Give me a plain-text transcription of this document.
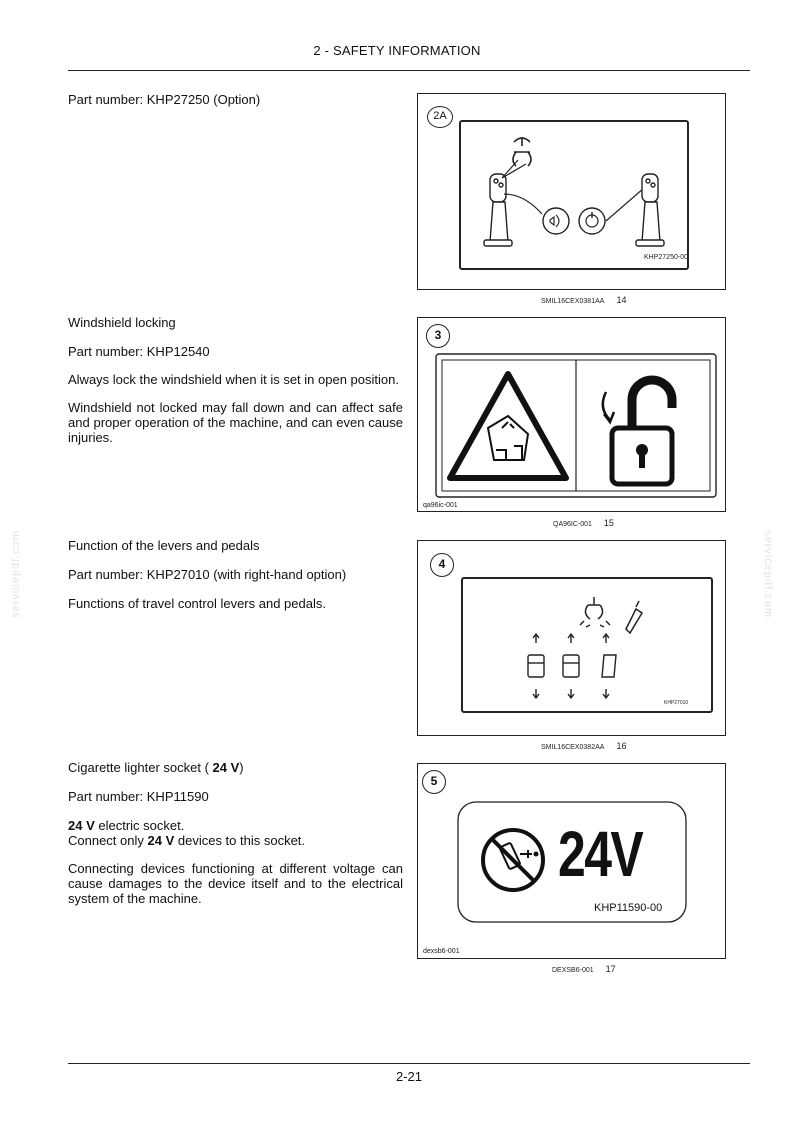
2 - SAFETY INFORMATION
servicepdf.com	servicepdf.com
Part number: KHP27250 (Option)
2A
KHP27250-00
SMIL16CEX0381AA 14
Windshield locking
Part number: KHP12540
Always lock the windshield when it is set in open position.
Windshield not locked may fall down and can affect safe and proper operation of the machine, and can even cause injuries.
3
qa96ic-001
QA96IC-001 15
Function of the levers and pedals
Part number: KHP27010 (with right-hand option)
Functions of travel control levers and pedals.
4
KHP27010
SMIL16CEX0382AA 16
Cigarette lighter socket ( 24 V)
Part number: KHP11590
24 V electric socket.
Connect only 24 V devices to this socket.
Connecting devices functioning at different voltage can cause damages to the device itself and to the electrical system of the machine.
5
24V
KHP11590-00
dexsb6-001
DEXSB6-001 17
2-21
